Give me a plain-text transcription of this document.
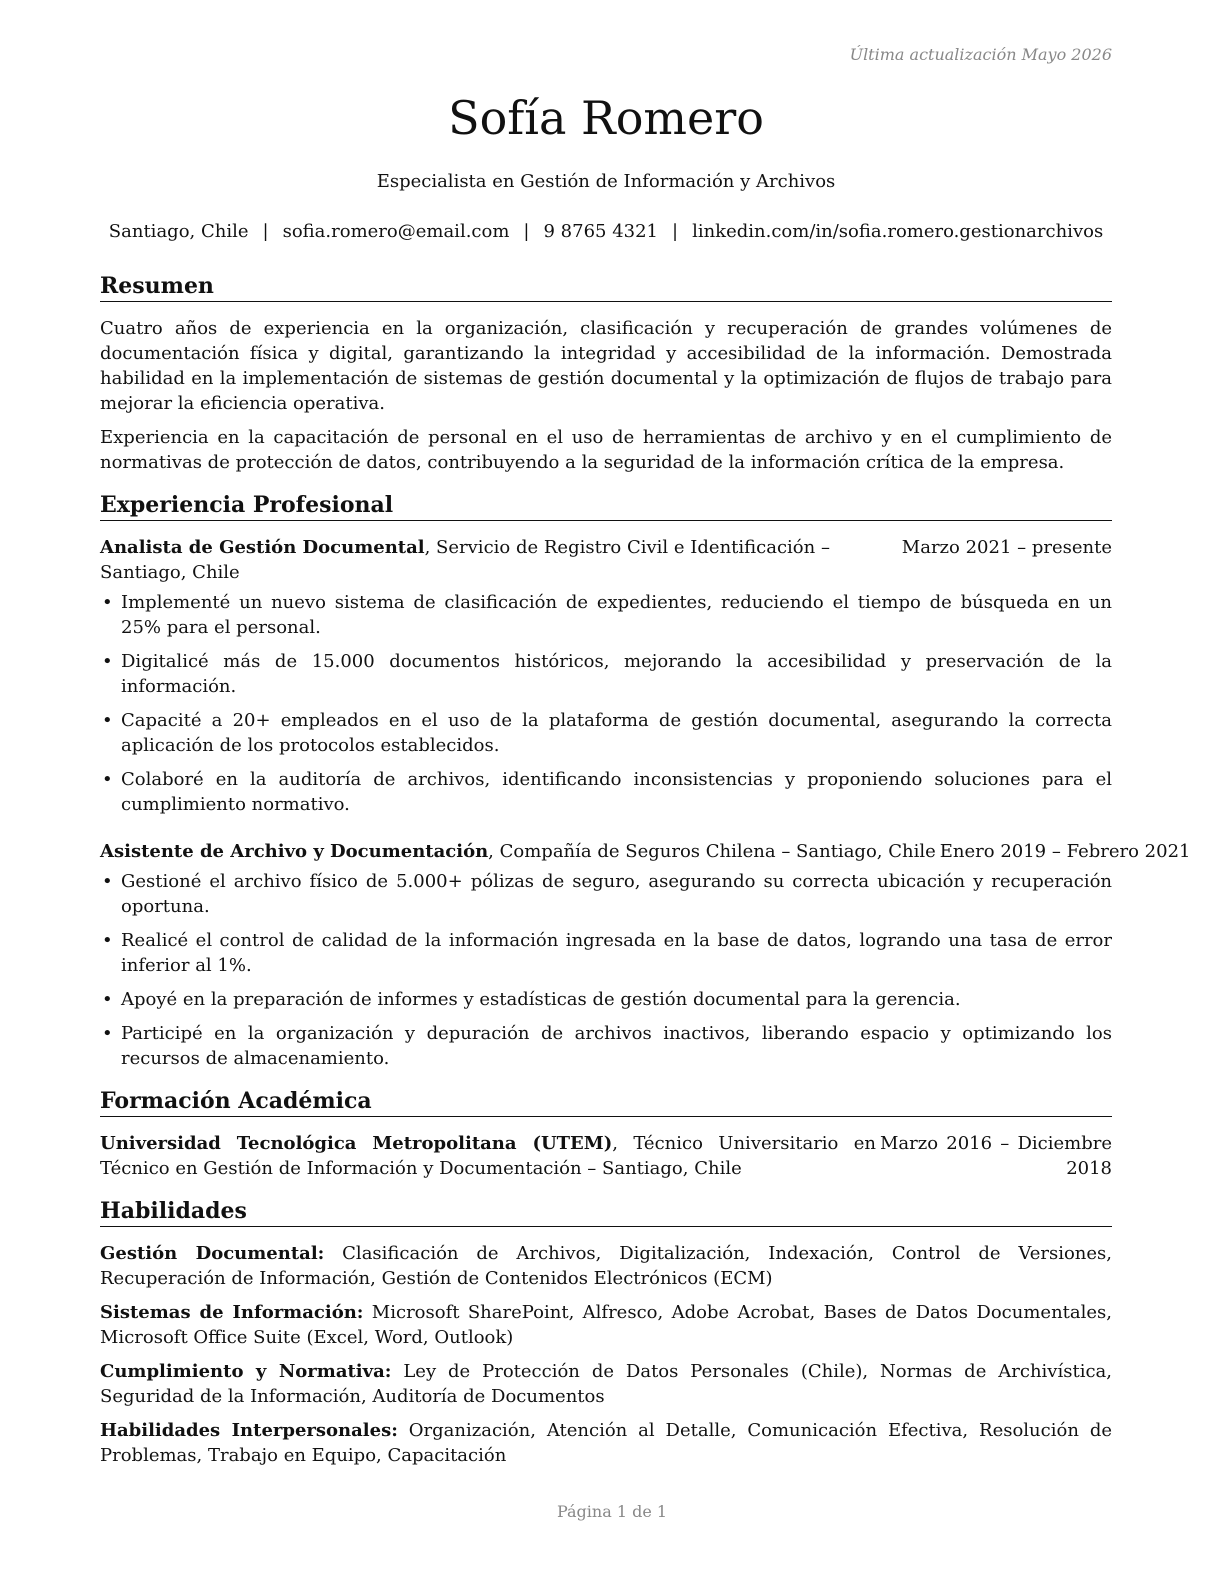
Última actualización Mayo 2026
Sofía Romero
Especialista en Gestión de Información y Archivos
Santiago, Chile | sofia.romero@email.com | 9 8765 4321 | linkedin.com/in/sofia.romero.gestionarchivos
Resumen

Cuatro años de experiencia en la organización, clasificación y recuperación de grandes volúmenes de documentación física y digital, garantizando la integridad y accesibilidad de la información. Demostrada habilidad en la implementación de sistemas de gestión documental y la optimización de flujos de trabajo para mejorar la eficiencia operativa.

Experiencia en la capacitación de personal en el uso de herramientas de archivo y en el cumplimiento de normativas de protección de datos, contribuyendo a la seguridad de la información crítica de la empresa.

Experiencia Profesional
Analista de Gestión Documental, Servicio de Registro Civil e Identificación – Santiago, Chile
Marzo 2021 – presente
• Implementé un nuevo sistema de clasificación de expedientes, reduciendo el tiempo de búsqueda en un 25% para el personal.
• Digitalicé más de 15.000 documentos históricos, mejorando la accesibilidad y preservación de la información.
• Capacité a 20+ empleados en el uso de la plataforma de gestión documental, asegurando la correcta aplicación de los protocolos establecidos.
• Colaboré en la auditoría de archivos, identificando inconsistencias y proponiendo soluciones para el cumplimiento normativo.
Asistente de Archivo y Documentación, Compañía de Seguros Chilena – Santiago, Chile Enero 2019 – Febrero 2021
• Gestioné el archivo físico de 5.000+ pólizas de seguro, asegurando su correcta ubicación y recuperación oportuna.
• Realicé el control de calidad de la información ingresada en la base de datos, logrando una tasa de error inferior al 1%.
• Apoyé en la preparación de informes y estadísticas de gestión documental para la gerencia.
• Participé en la organización y depuración de archivos inactivos, liberando espacio y optimizando los recursos de almacenamiento.
Formación Académica
Universidad Tecnológica Metropolitana (UTEM), Técnico Universitario en Técnico en Gestión de Información y Documentación – Santiago, Chile
Marzo 2016 – Diciembre 2018
Habilidades

Gestión Documental: Clasificación de Archivos, Digitalización, Indexación, Control de Versiones, Recuperación de Información, Gestión de Contenidos Electrónicos (ECM)

Sistemas de Información: Microsoft SharePoint, Alfresco, Adobe Acrobat, Bases de Datos Documentales, Microsoft Office Suite (Excel, Word, Outlook)

Cumplimiento y Normativa: Ley de Protección de Datos Personales (Chile), Normas de Archivística, Seguridad de la Información, Auditoría de Documentos

Habilidades Interpersonales: Organización, Atención al Detalle, Comunicación Efectiva, Resolución de Problemas, Trabajo en Equipo, Capacitación

Página 1 de 1
